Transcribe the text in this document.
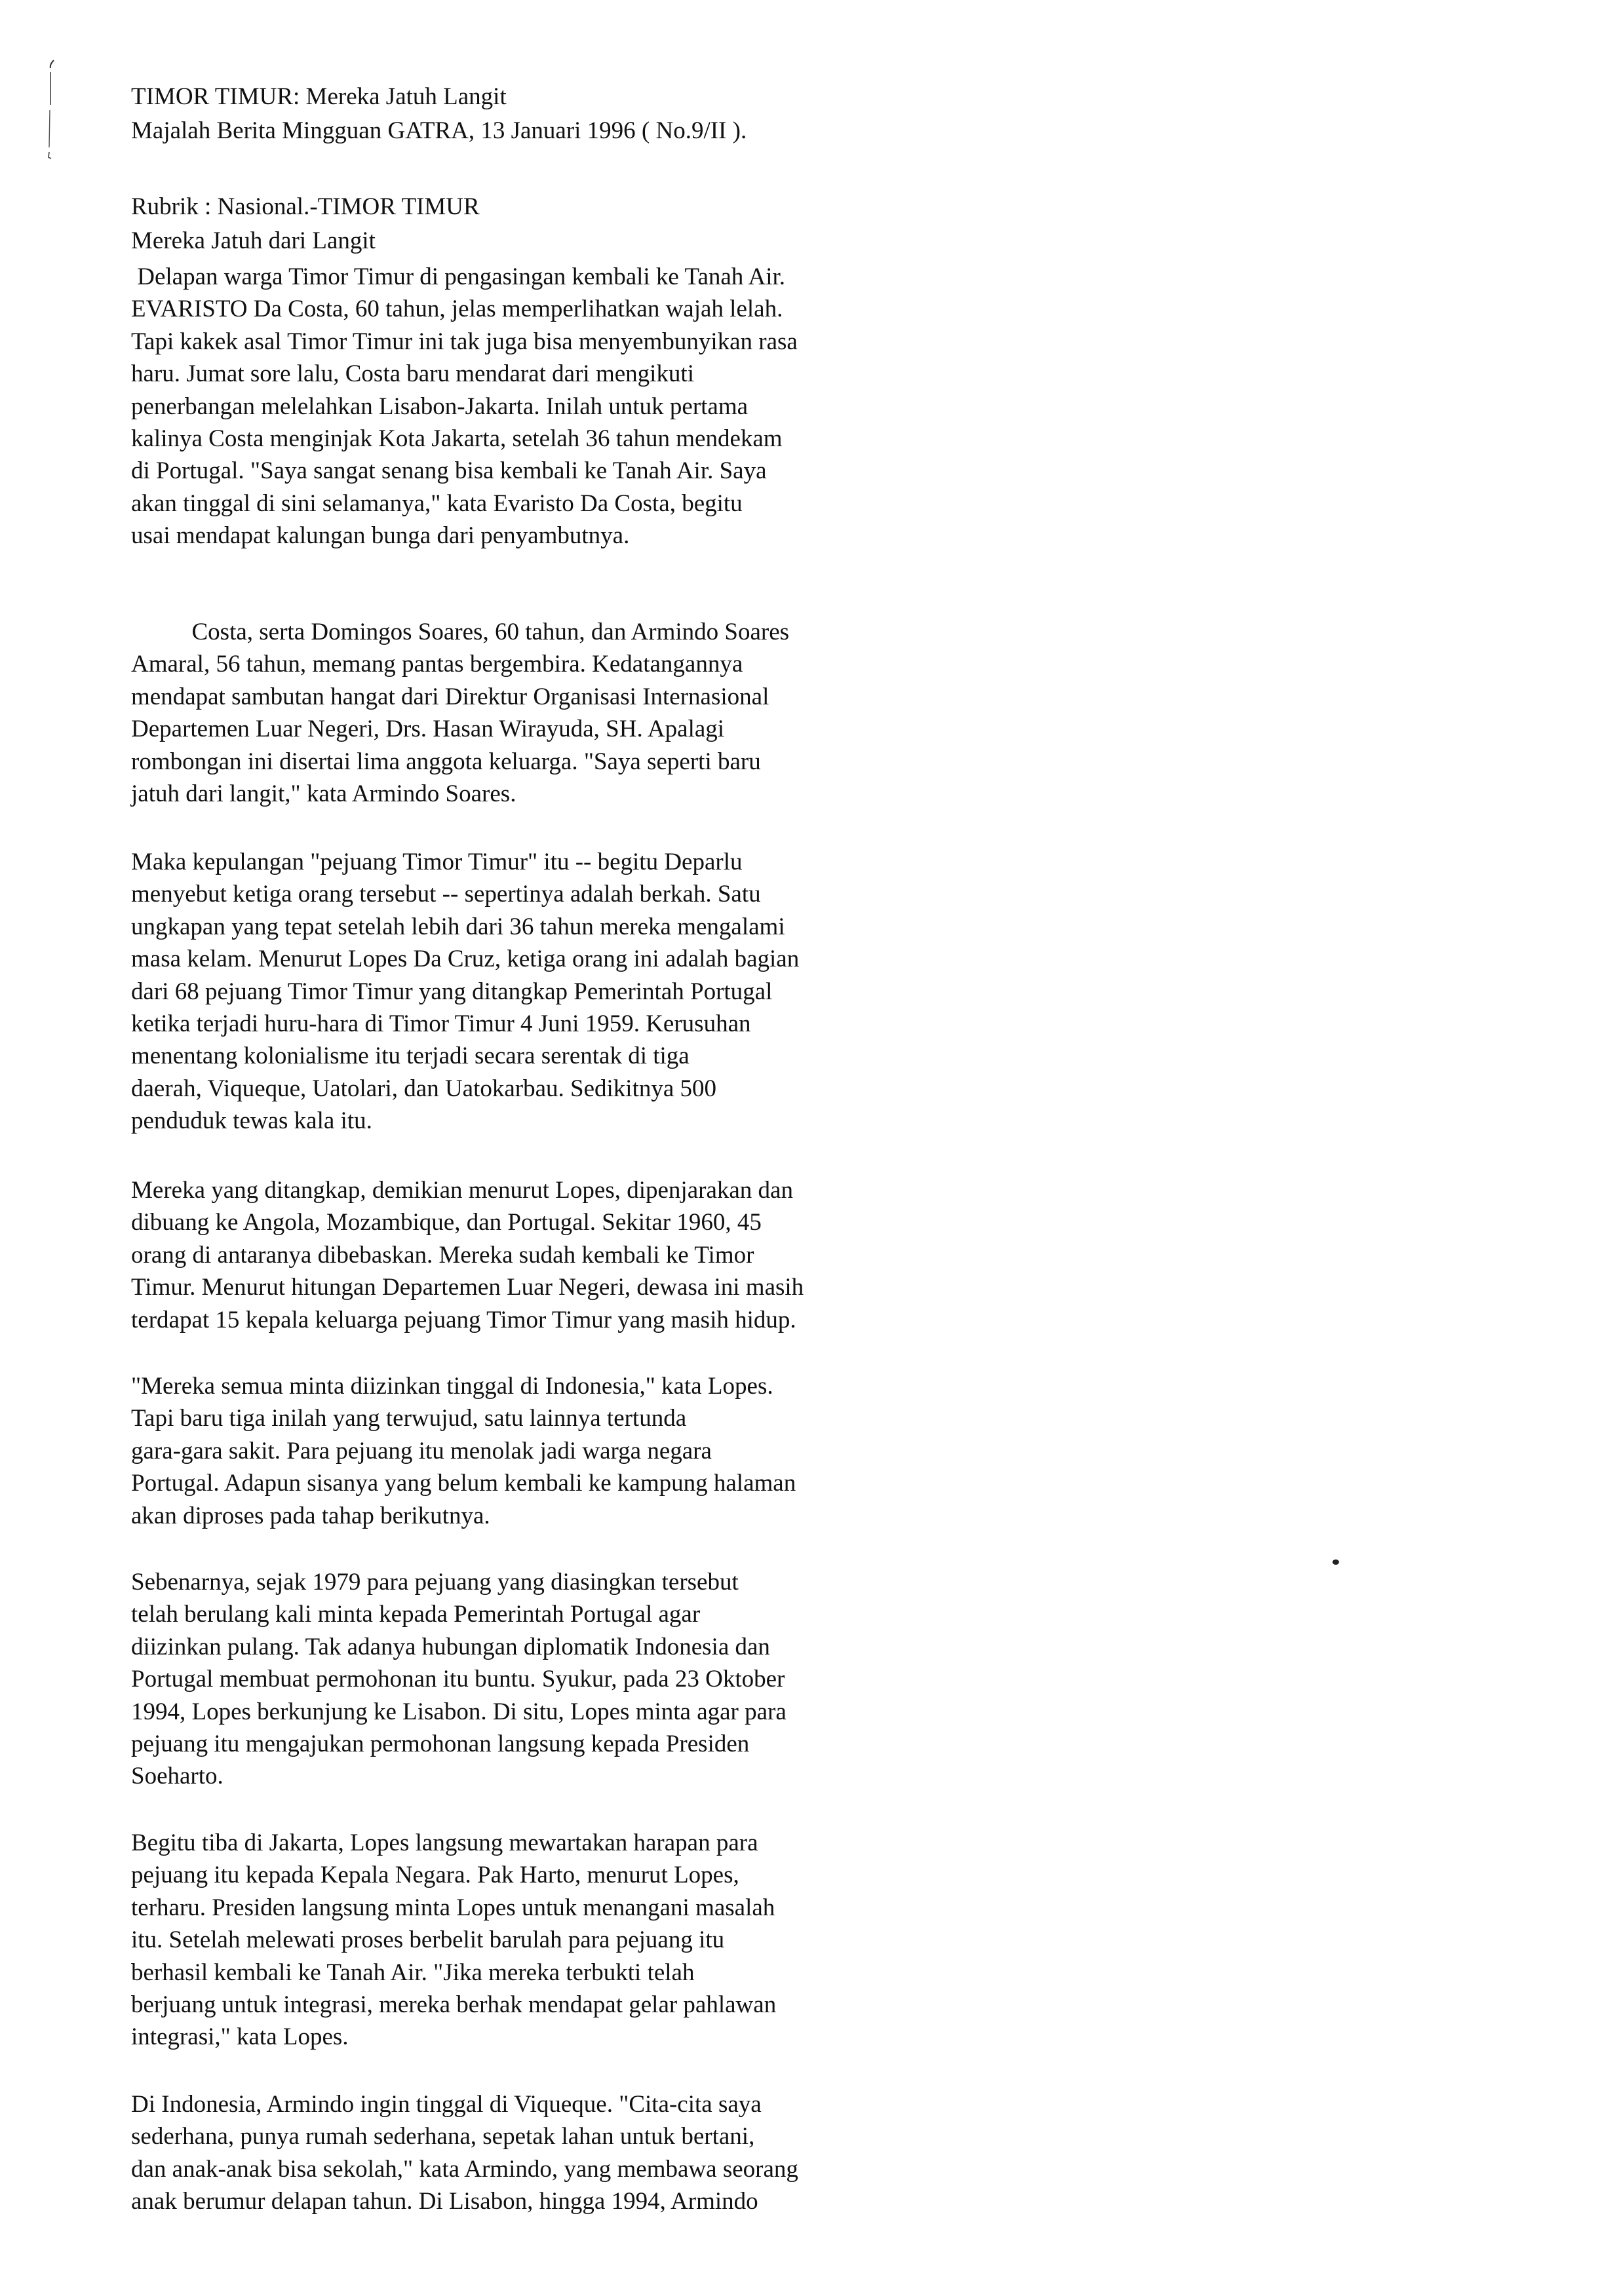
TIMOR TIMUR: Mereka Jatuh Langit
Majalah Berita Mingguan GATRA, 13 Januari 1996 ( No.9/II ).
Rubrik : Nasional.-TIMOR TIMUR
Mereka Jatuh dari Langit
Delapan warga Timor Timur di pengasingan kembali ke Tanah Air.
EVARISTO Da Costa, 60 tahun, jelas memperlihatkan wajah lelah.
Tapi kakek asal Timor Timur ini tak juga bisa menyembunyikan rasa
haru. Jumat sore lalu, Costa baru mendarat dari mengikuti
penerbangan melelahkan Lisabon-Jakarta. Inilah untuk pertama
kalinya Costa menginjak Kota Jakarta, setelah 36 tahun mendekam
di Portugal. "Saya sangat senang bisa kembali ke Tanah Air. Saya
akan tinggal di sini selamanya," kata Evaristo Da Costa, begitu
usai mendapat kalungan bunga dari penyambutnya.
Costa, serta Domingos Soares, 60 tahun, dan Armindo Soares
Amaral, 56 tahun, memang pantas bergembira. Kedatangannya
mendapat sambutan hangat dari Direktur Organisasi Internasional
Departemen Luar Negeri, Drs. Hasan Wirayuda, SH. Apalagi
rombongan ini disertai lima anggota keluarga. "Saya seperti baru
jatuh dari langit," kata Armindo Soares.
Maka kepulangan "pejuang Timor Timur" itu -- begitu Deparlu
menyebut ketiga orang tersebut -- sepertinya adalah berkah. Satu
ungkapan yang tepat setelah lebih dari 36 tahun mereka mengalami
masa kelam. Menurut Lopes Da Cruz, ketiga orang ini adalah bagian
dari 68 pejuang Timor Timur yang ditangkap Pemerintah Portugal
ketika terjadi huru-hara di Timor Timur 4 Juni 1959. Kerusuhan
menentang kolonialisme itu terjadi secara serentak di tiga
daerah, Viqueque, Uatolari, dan Uatokarbau. Sedikitnya 500
penduduk tewas kala itu.
Mereka yang ditangkap, demikian menurut Lopes, dipenjarakan dan
dibuang ke Angola, Mozambique, dan Portugal. Sekitar 1960, 45
orang di antaranya dibebaskan. Mereka sudah kembali ke Timor
Timur. Menurut hitungan Departemen Luar Negeri, dewasa ini masih
terdapat 15 kepala keluarga pejuang Timor Timur yang masih hidup.
"Mereka semua minta diizinkan tinggal di Indonesia," kata Lopes.
Tapi baru tiga inilah yang terwujud, satu lainnya tertunda
gara-gara sakit. Para pejuang itu menolak jadi warga negara
Portugal. Adapun sisanya yang belum kembali ke kampung halaman
akan diproses pada tahap berikutnya.
Sebenarnya, sejak 1979 para pejuang yang diasingkan tersebut
telah berulang kali minta kepada Pemerintah Portugal agar
diizinkan pulang. Tak adanya hubungan diplomatik Indonesia dan
Portugal membuat permohonan itu buntu. Syukur, pada 23 Oktober
1994, Lopes berkunjung ke Lisabon. Di situ, Lopes minta agar para
pejuang itu mengajukan permohonan langsung kepada Presiden
Soeharto.
Begitu tiba di Jakarta, Lopes langsung mewartakan harapan para
pejuang itu kepada Kepala Negara. Pak Harto, menurut Lopes,
terharu. Presiden langsung minta Lopes untuk menangani masalah
itu. Setelah melewati proses berbelit barulah para pejuang itu
berhasil kembali ke Tanah Air. "Jika mereka terbukti telah
berjuang untuk integrasi, mereka berhak mendapat gelar pahlawan
integrasi," kata Lopes.
Di Indonesia, Armindo ingin tinggal di Viqueque. "Cita-cita saya
sederhana, punya rumah sederhana, sepetak lahan untuk bertani,
dan anak-anak bisa sekolah," kata Armindo, yang membawa seorang
anak berumur delapan tahun. Di Lisabon, hingga 1994, Armindo
